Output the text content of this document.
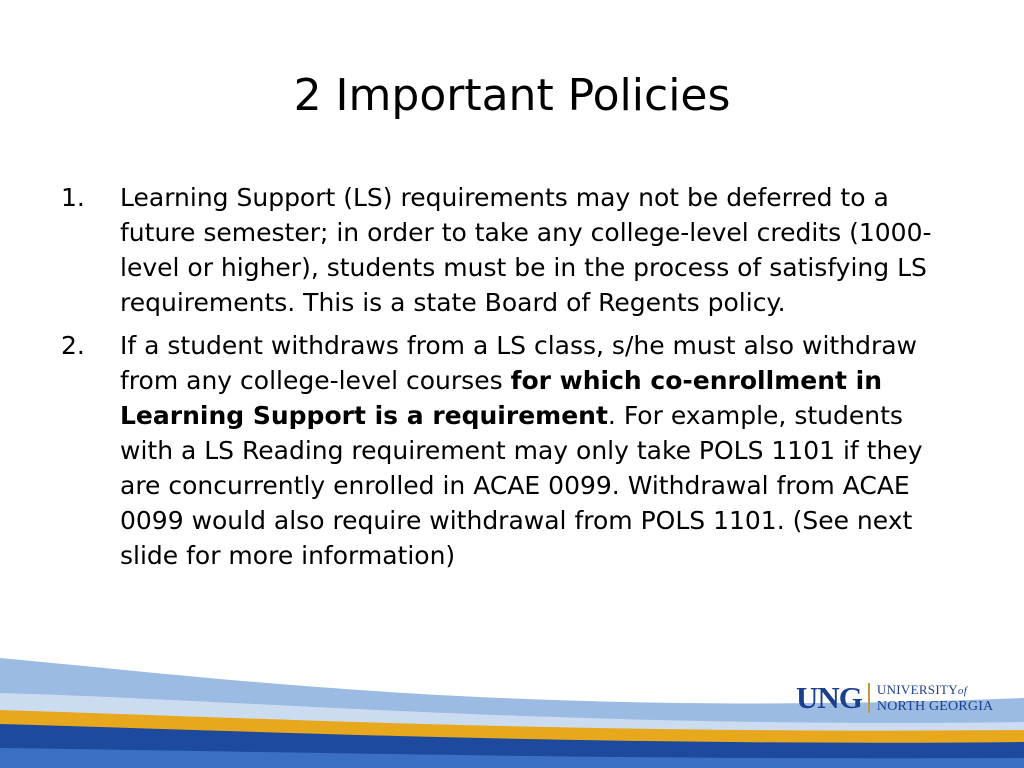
2 Important Policies
1. Learning Support (LS) requirements may not be deferred to a future semester; in order to take any college-level credits (1000-level or higher), students must be in the process of satisfying LS requirements. This is a state Board of Regents policy.
2. If a student withdraws from a LS class, s/he must also withdraw from any college-level courses for which co-enrollment in Learning Support is a requirement. For example, students with a LS Reading requirement may only take POLS 1101 if they are concurrently enrolled in ACAE 0099. Withdrawal from ACAE 0099 would also require withdrawal from POLS 1101. (See next slide for more information)
UNG UNIVERSITYof
NORTH GEORGIA
